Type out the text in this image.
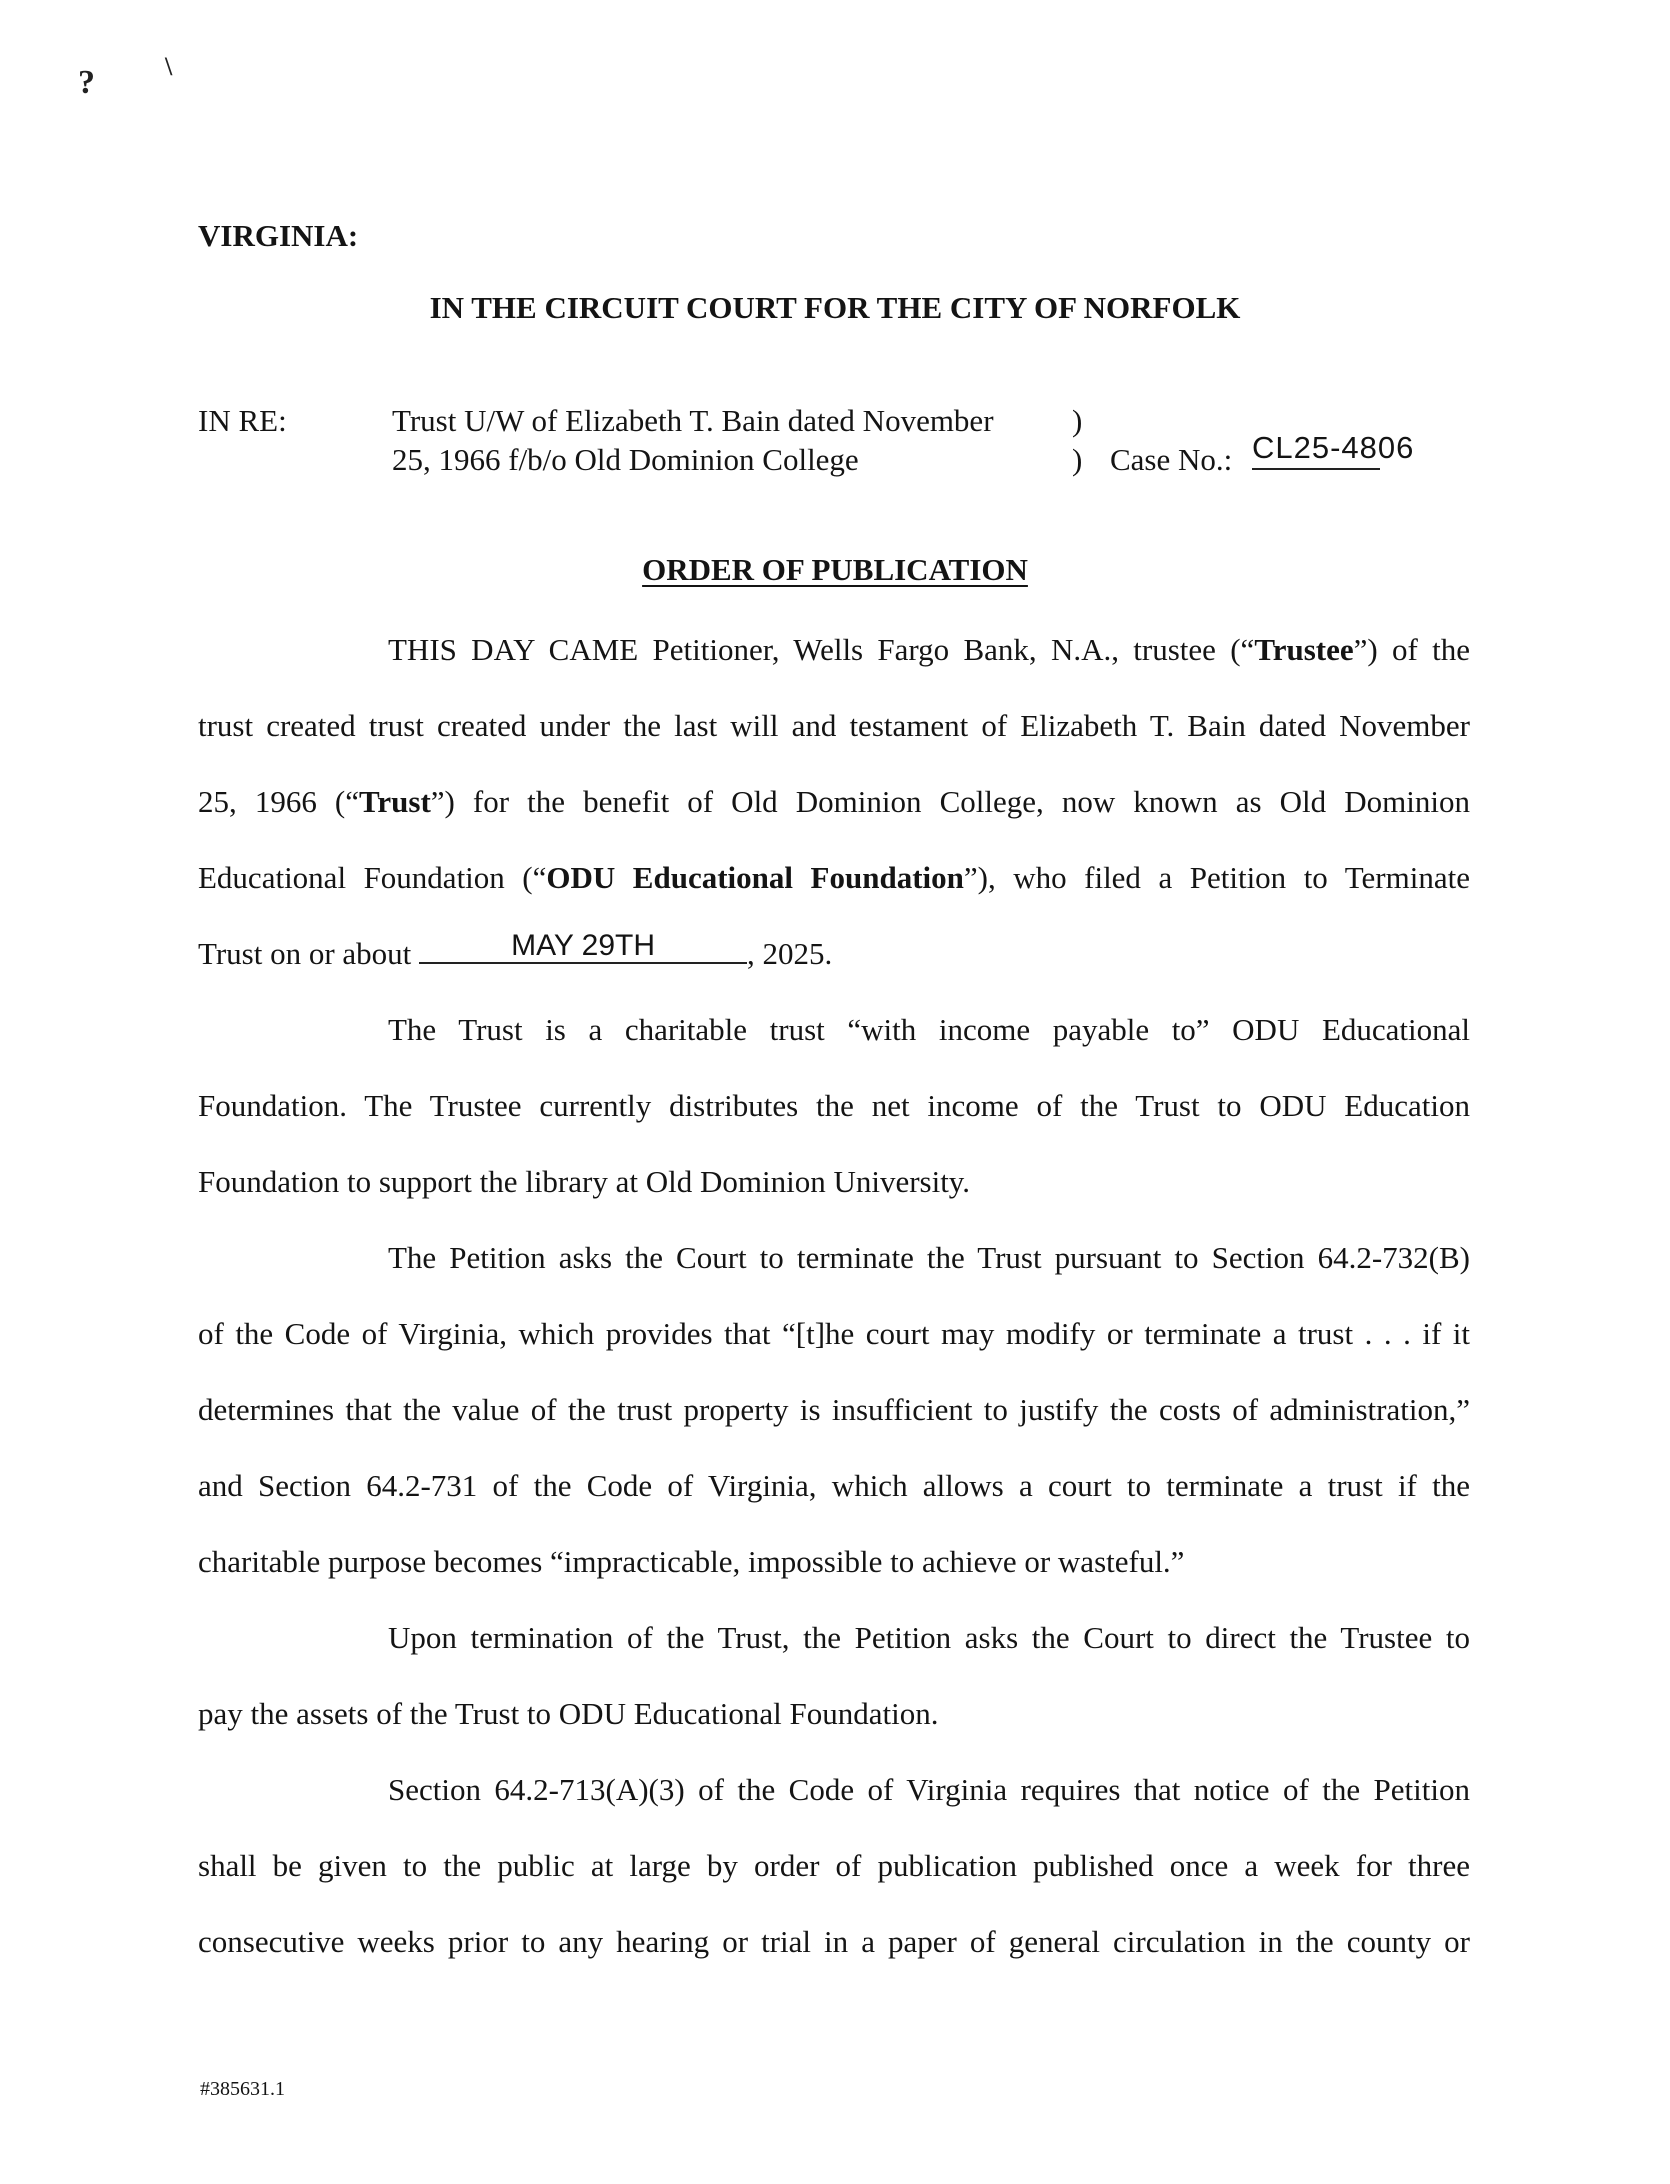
?	\
VIRGINIA:
IN THE CIRCUIT COURT FOR THE CITY OF NORFOLK
IN RE:	Trust U/W of Elizabeth T. Bain dated November
25, 1966 f/b/o Old Dominion College
)
) Case No.: CL25-4806
ORDER OF PUBLICATION
THIS DAY CAME Petitioner, Wells Fargo Bank, N.A., trustee (“Trustee”) of the
trust created trust created under the last will and testament of Elizabeth T. Bain dated November
25, 1966 (“Trust”) for the benefit of Old Dominion College, now known as Old Dominion
Educational Foundation (“ODU Educational Foundation”), who filed a Petition to Terminate
Trust on or about	MAY 29TH	, 2025.
The Trust is a charitable trust “with income payable to” ODU Educational
Foundation. The Trustee currently distributes the net income of the Trust to ODU Education
Foundation to support the library at Old Dominion University.
The Petition asks the Court to terminate the Trust pursuant to Section 64.2-732(B)
of the Code of Virginia, which provides that “[t]he court may modify or terminate a trust . . . if it
determines that the value of the trust property is insufficient to justify the costs of administration,”
and Section 64.2-731 of the Code of Virginia, which allows a court to terminate a trust if the
charitable purpose becomes “impracticable, impossible to achieve or wasteful.”
Upon termination of the Trust, the Petition asks the Court to direct the Trustee to
pay the assets of the Trust to ODU Educational Foundation.
Section 64.2-713(A)(3) of the Code of Virginia requires that notice of the Petition
shall be given to the public at large by order of publication published once a week for three
consecutive weeks prior to any hearing or trial in a paper of general circulation in the county or
#385631.1
